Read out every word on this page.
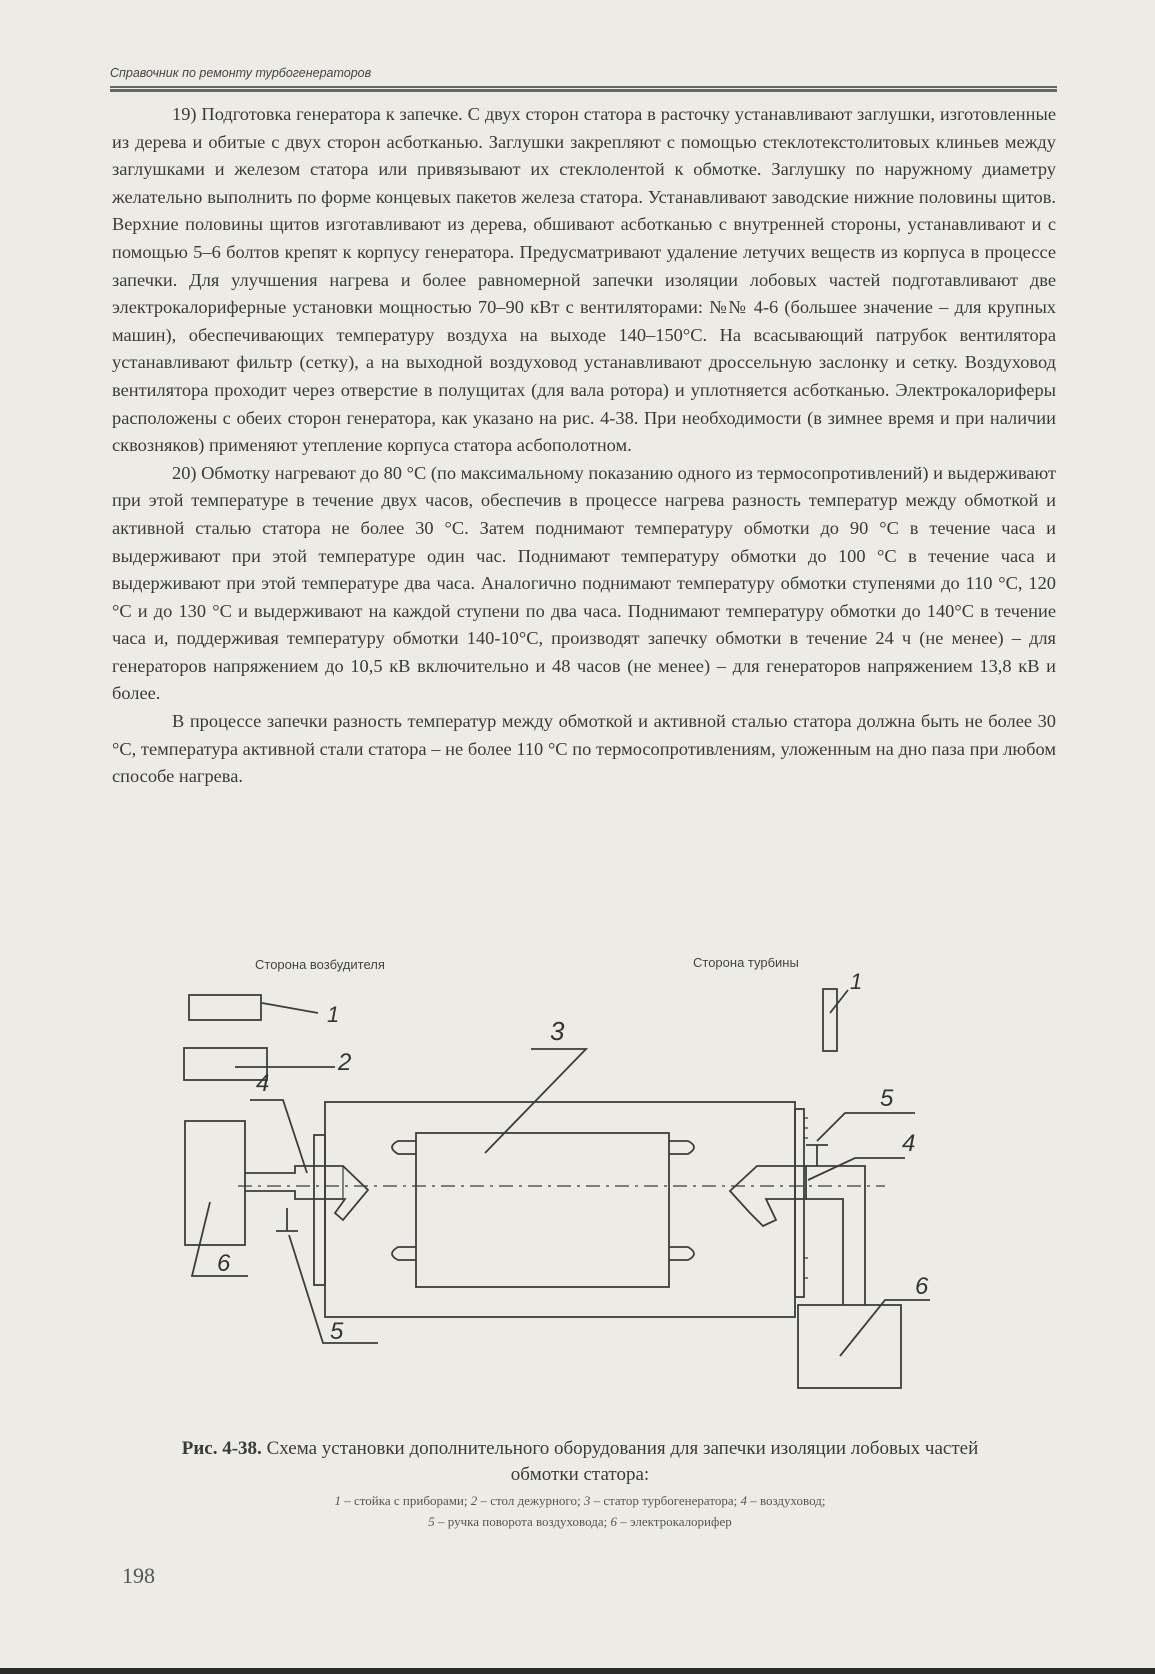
Справочник по ремонту турбогенераторов

19) Подготовка генератора к запечке. С двух сторон статора в расточку устанавливают заглушки, изготовленные из дерева и обитые с двух сторон асботканью. Заглушки закрепляют с помощью стеклотекстолитовых клиньев между заглушками и железом статора или привязывают их стеклолентой к обмотке. Заглушку по наружному диаметру желательно выполнить по форме концевых пакетов железа статора. Устанавливают заводские нижние половины щитов. Верхние половины щитов изготавливают из дерева, обшивают асботканью с внутренней стороны, устанавливают и с помощью 5–6 болтов крепят к корпусу генератора. Предусматривают удаление летучих веществ из корпуса в процессе запечки. Для улучшения нагрева и более равномерной запечки изоляции лобовых частей подготавливают две электрокалориферные установки мощностью 70–90 кВт с вентиляторами: №№ 4-6 (большее значение – для крупных машин), обеспечивающих температуру воздуха на выходе 140–150°С. На всасывающий патрубок вентилятора устанавливают фильтр (сетку), а на выходной воздуховод устанавливают дроссельную заслонку и сетку. Воздуховод вентилятора проходит через отверстие в полущитах (для вала ротора) и уплотняется асботканью. Электрокалориферы расположены с обеих сторон генератора, как указано на рис. 4-38. При необходимости (в зимнее время и при наличии сквозняков) применяют утепление корпуса статора асбополотном.

20) Обмотку нагревают до 80 °С (по максимальному показанию одного из термосопротивлений) и выдерживают при этой температуре в течение двух часов, обеспечив в процессе нагрева разность температур между обмоткой и активной сталью статора не более 30 °С. Затем поднимают температуру обмотки до 90 °С в течение часа и выдерживают при этой температуре один час. Поднимают температуру обмотки до 100 °С в течение часа и выдерживают при этой температуре два часа. Аналогично поднимают температуру обмотки ступенями до 110 °С, 120 °С и до 130 °С и выдерживают на каждой ступени по два часа. Поднимают температуру обмотки до 140°С в течение часа и, поддерживая температуру обмотки 140-10°С, производят запечку обмотки в течение 24 ч (не менее) – для генераторов напряжением до 10,5 кВ включительно и 48 часов (не менее) – для генераторов напряжением 13,8 кВ и более.

В процессе запечки разность температур между обмоткой и активной сталью статора должна быть не более 30 °С, температура активной стали статора – не более 110 °С по термосопротивлениям, уложенным на дно паза при любом способе нагрева.

Сторона возбудителя	Сторона турбины
1
2
1
3
4
6
5
5
4
6
Рис. 4-38. Схема установки дополнительного оборудования для запечки изоляции лобовых частей обмотки статора:
1 – стойка с приборами; 2 – стол дежурного; 3 – статор турбогенератора; 4 – воздуховод;
5 – ручка поворота воздуховода; 6 – электрокалорифер
198
